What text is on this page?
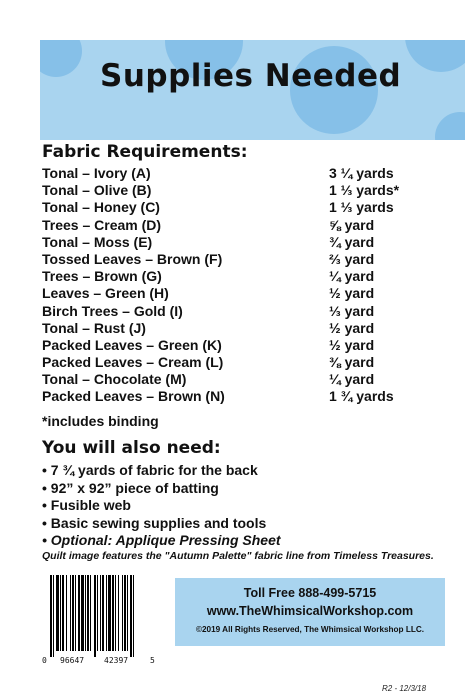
Supplies Needed
Fabric Requirements:
Tonal – Ivory (A)	3 ¼ yards
Tonal – Olive (B)	1 ⅓ yards*
Tonal – Honey (C)	1 ⅓ yards
Trees – Cream (D)	⅝ yard
Tonal – Moss (E)	¾ yard
Tossed Leaves – Brown (F)	⅔ yard
Trees – Brown (G)	¼ yard
Leaves – Green (H)	½ yard
Birch Trees – Gold (I)	⅓ yard
Tonal – Rust (J)	½ yard
Packed Leaves – Green (K)	½ yard
Packed Leaves – Cream (L)	⅜ yard
Tonal – Chocolate (M)	¼ yard
Packed Leaves – Brown (N)	1 ¾ yards
*includes binding
You will also need:
• 7 ¾ yards of fabric for the back
• 92” x 92” piece of batting
• Fusible web
• Basic sewing supplies and tools
• Optional: Applique Pressing Sheet
Quilt image features the "Autumn Palette" fabric line from Timeless Treasures.
0 96647 42397	5
Toll Free 888-499-5715
www.TheWhimsicalWorkshop.com
©2019 All Rights Reserved, The Whimsical Workshop LLC.
R2 - 12/3/18
